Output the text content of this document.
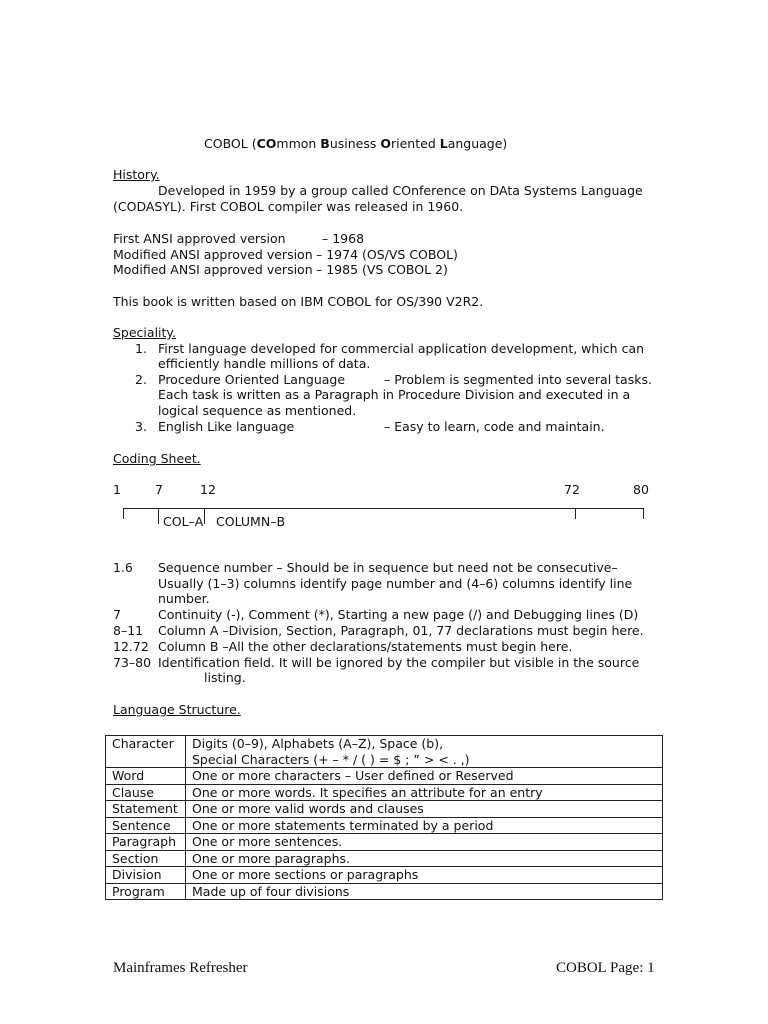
COBOL (COmmon Business Oriented Language)
History.
Developed in 1959 by a group called COnference on DAta Systems Language
(CODASYL). First COBOL compiler was released in 1960.
First ANSI approved version	– 1968
Modified ANSI approved version – 1974 (OS/VS COBOL)
Modified ANSI approved version – 1985 (VS COBOL 2)
This book is written based on IBM COBOL for OS/390 V2R2.
Speciality.
1. First language developed for commercial application development, which can
efficiently handle millions of data.
2. Procedure Oriented Language	– Problem is segmented into several tasks.
Each task is written as a Paragraph in Procedure Division and executed in a
logical sequence as mentioned.
3. English Like language	– Easy to learn, code and maintain.
Coding Sheet.
1	7	12	72	80
COL–A COLUMN–B
1.6 Sequence number – Should be in sequence but need not be consecutive–
Usually (1–3) columns identify page number and (4–6) columns identify line
number.
7	Continuity (-), Comment (*), Starting a new page (/) and Debugging lines (D)
8–11 Column A –Division, Section, Paragraph, 01, 77 declarations must begin here.
12.72 Column B –All the other declarations/statements must begin here.
73–80 Identification field. It will be ignored by the compiler but visible in the source
listing.
Language Structure.
Character	Digits (0–9), Alphabets (A–Z), Space (b),
Special Characters (+ – * / ( ) = $ ; ” > < . ,)

Word	One or more characters – User defined or Reserved
Clause	One or more words. It specifies an attribute for an entry
Statement	One or more valid words and clauses
Sentence	One or more statements terminated by a period
Paragraph	One or more sentences.
Section	One or more paragraphs.
Division	One or more sections or paragraphs
Program	Made up of four divisions
Mainframes Refresher	COBOL Page: 1
